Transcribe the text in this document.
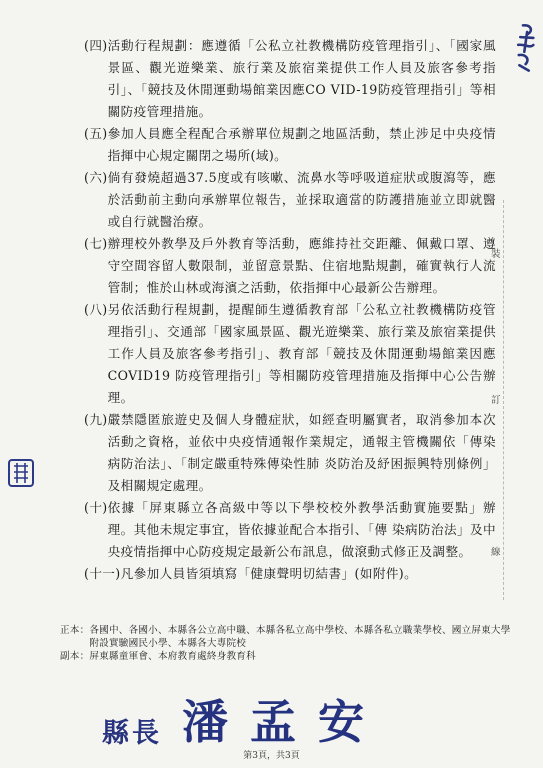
(四) 活動行程規劃：應遵循「公私立社教機構防疫管理指引」、「國家風景區、觀光遊樂業、旅行業及旅宿業提供工作人員及旅客參考指引」、「競技及休閒運動場館業因應CO VID-19防疫管理指引」等相關防疫管理措施。
(五) 參加人員應全程配合承辦單位規劃之地區活動，禁止涉足中央疫情指揮中心規定關閉之場所(域)。
(六) 倘有發燒超過37.5度或有咳嗽、流鼻水等呼吸道症狀或腹瀉等，應於活動前主動向承辦單位報告，並採取適當的防護措施並立即就醫或自行就醫治療。
(七) 辦理校外教學及戶外教育等活動，應維持社交距離、佩戴口罩、遵守空間容留人數限制，並留意景點、住宿地點規劃，確實執行人流管制；惟於山林或海濱之活動，依指揮中心最新公告辦理。
(八) 另依活動行程規劃，提醒師生遵循教育部「公私立社教機構防疫管理指引」、交通部「國家風景區、觀光遊樂業、旅行業及旅宿業提供工作人員及旅客參考指引」、教育部「競技及休閒運動場館業因應 COVID19 防疫管理指引」等相關防疫管理措施及指揮中心公告辦理。
(九) 嚴禁隱匿旅遊史及個人身體症狀，如經查明屬實者，取消參加本次活動之資格，並依中央疫情通報作業規定，通報主管機關依「傳染病防治法」、「制定嚴重特殊傳染性肺 炎防治及紓困振興特別條例」及相關規定處理。
(十) 依據「屏東縣立各高級中等以下學校校外教學活動實施要點」辦理。其他未規定事宜，皆依據並配合本指引、「傳 染病防治法」及中央疫情指揮中心防疫規定最新公布訊息，做滾動式修正及調整。
(十一) 凡參加人員皆須填寫「健康聲明切結書」(如附件)。
裝
訂
線
正本： 各國中、各國小、本縣各公立高中職、本縣各私立高中學校、本縣各私立職業學校、國立屏東大學附設實驗國民小學、本縣各大專院校
副本： 屏東縣童軍會、本府教育處終身教育科
縣長 潘孟安
第3頁，共3頁
